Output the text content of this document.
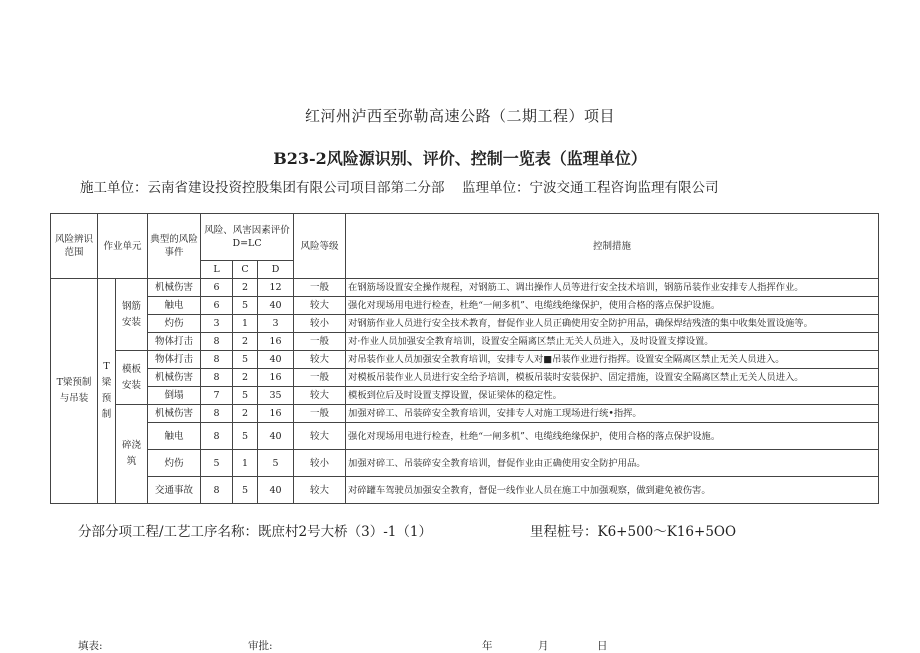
红河州泸西至弥勒高速公路（二期工程）项目
B23-2风险源识别、评价、控制一览表（监理单位）
施工单位：云南省建设投资控股集团有限公司项目部第二分部 监理单位：宁波交通工程咨询监理有限公司
风险辨识范围	作业单元		典型的风险事件	风险、风害因素评价D=LC			风险等级	控制措施
				L	C	D		
T梁预制与吊装	T梁预制	钢筋安装	机械伤害	6	2	12	一般	在钢筋场设置安全操作规程，对钢筋工、调出操作人员等进行安全技术培训，钢筋吊装作业安排专人指挥作业。
			触电	6	5	40	较大	强化对现场用电进行检查，杜绝“一闸多机”、电缆线绝缘保护，使用合格的落点保护设施。
			灼伤	3	1	3	较小	对钢筋作业人员进行安全技术教育，督促作业人员正确使用安全防护用品，确保焊结残渣的集中收集处置设施等。
			物体打击	8	2	16	一般	对·作业人员加强安全教育培训，设置安全隔离区禁止无关人员进入，及时设置支撑设置。
		模板安装	物体打击	8	5	40	较大	对吊装作业人员加强安全教育培训，安排专人对■吊装作业进行指挥。设置安全隔离区禁止无关人员进入。
			机械伤害	8	2	16	一般	对模板吊装作业人员进行安全给予培训，模板吊装时安装保护、固定措施，设置安全隔离区禁止无关人员进入。
			倒塌	7	5	35	较大	模板到位后及时设置支撑设置，保证梁体的稳定性。
		碎浇筑	机械伤害	8	2	16	一般	加强对碎工、吊装碎安全教育培训，安排专人对施工现场进行统•指挥。
			触电	8	5	40	较大	强化对现场用电进行检查，杜绝“一闸多机”、电缆线绝缘保护，使用合格的落点保护设施。
			灼伤	5	1	5	较小	加强对碎工、吊装碎安全教育培训，督促作业由正确使用安全防护用品。
			交通事故	8	5	40	较大	对碎罐车驾驶员加强安全教育，督促一线作业人员在施工中加强观察，做到避免被伤害。
分部分项工程/工艺工序名称：既庶村2号大桥（3）-1（1）	里程桩号：K6+500～K16+5OO
填表:	审批:	年	月	日
